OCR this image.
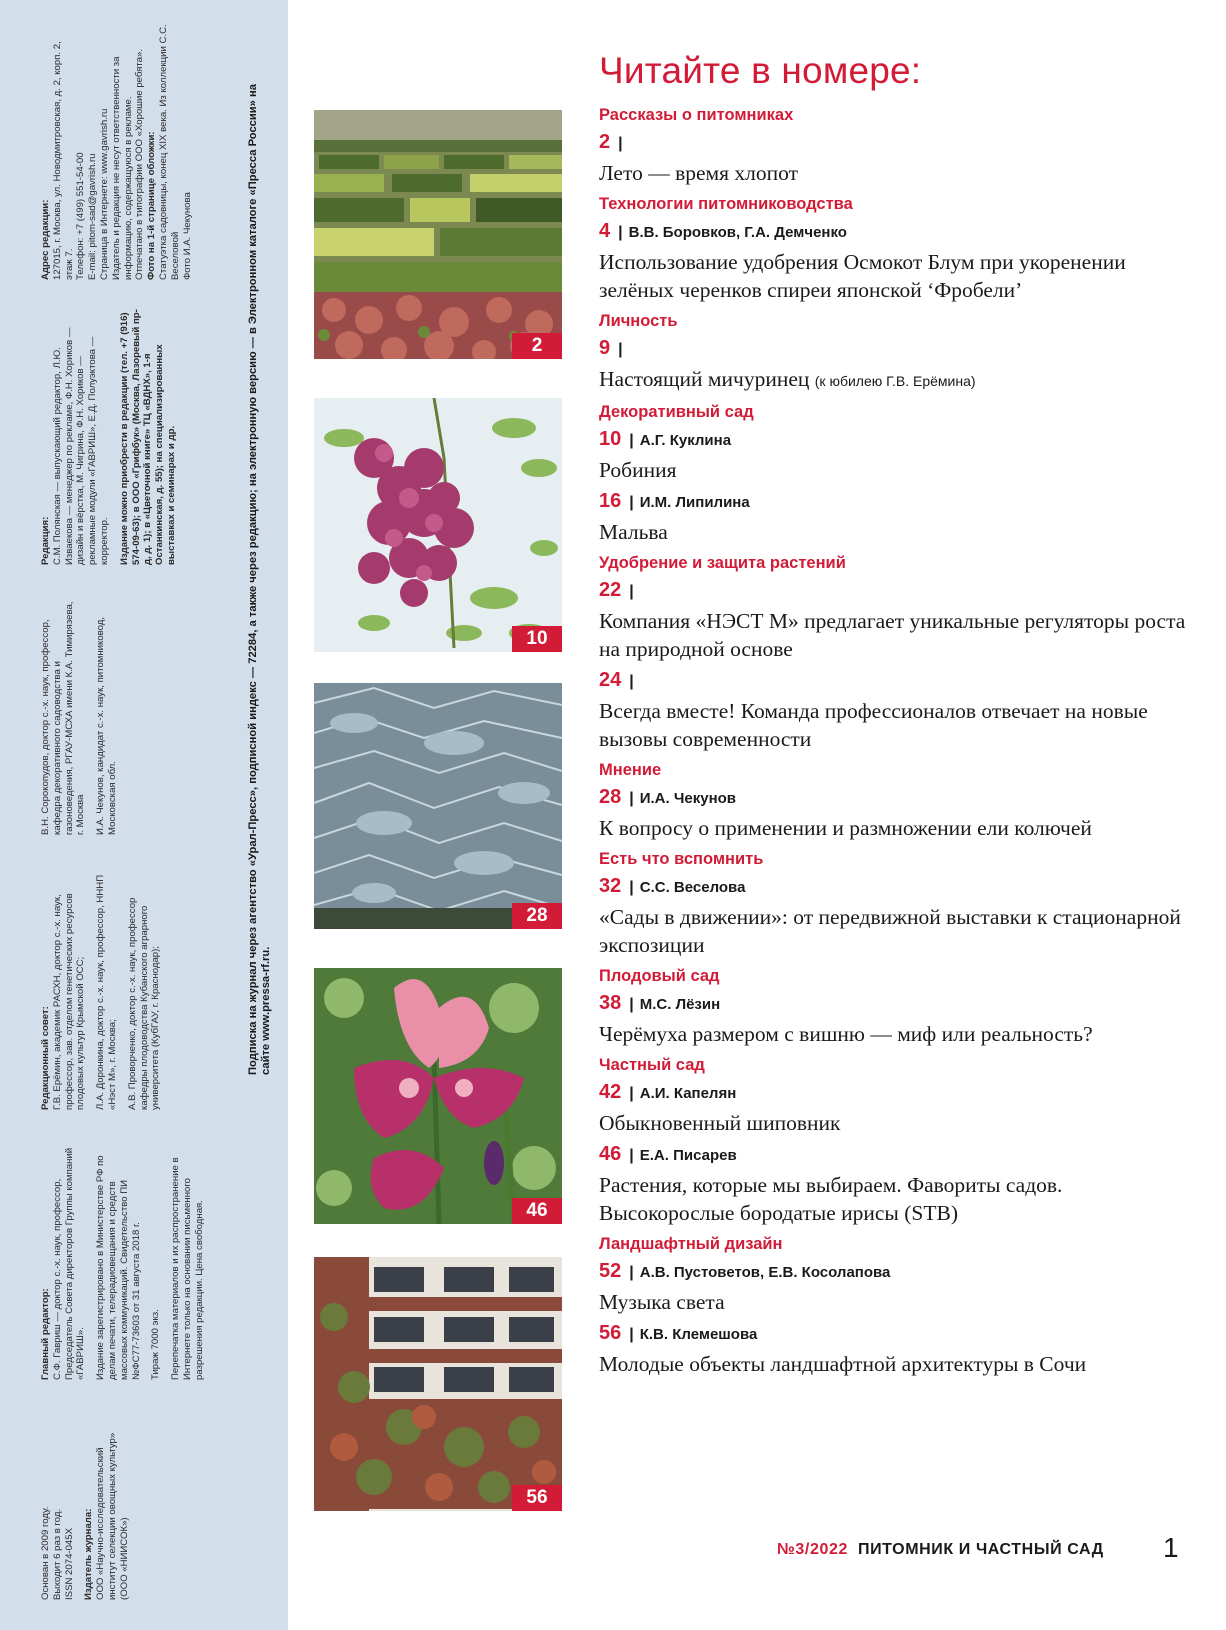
Основан в 2009 году. Выходит 6 раз в год. ISSN 2074-045X Издатель журнала:
ООО «Научно-исследовательский институт селекции овощных культур» (ООО «НИИСОК»)

Главный редактор:
С.Ф. Гавриш — доктор с.-х. наук, профессор, Председатель Совета директоров Группы компаний «ГАВРИШ». Издание зарегистрировано в Министерстве РФ по делам печати, телерадиовещания и средств массовых коммуникаций. Свидетельство ПИ №ФС77-73603 от 31 августа 2018 г. Тираж 7000 экз. Перепечатка материалов и их распространение в Интернете только на основании письменного разрешения редакции. Цена свободная.

Редакционный совет:
Г.В. Ерёмин, академик РАСХН, доктор с.-х. наук, профессор, зав. отделом генетических ресурсов плодовых культур Крымской ОСС; Л.А. Доронкина, доктор с.-х. наук, профессор, НННП «Нэст М», г. Москва; А.В. Проворченко, доктор с.-х. наук, профессор кафедры плодоводства Кубанского аграрного университета (КубГАУ, г. Краснодар);

В.Н. Сорокопудов, доктор с.-х. наук, профессор, кафедра декоративного садоводства и газоноведения, РГАУ-МСХА имени К.А. Тимирязева, г. Москва И.А. Чекунов, кандидат с.-х. наук, питомниковод, Московская обл.

Редакция:
С.М. Полянская — выпускающий редактор, Л.Ю. Изваекова — менеджер по рекламе, Ф.Н. Хориков — дизайн и вёрстка, М. Чигрина, Ф.Н. Хориков — рекламные модули «ГАВРИШ», Е.Д. Полуэктова — корректор. Издание можно приобрести в редакции (тел. +7 (916) 574-09-63); в ООО «Грифбук» (Москва, Лазоревый пр-д, д. 1); в «Цветочной книге» ТЦ «ВДНХ», 1-я Останкинская, д. 55); на специализированных выставках и семинарах и др.

Адрес редакции:
127015, г. Москва, ул. Новодмитровская, д. 2, корп. 2, этаж 7.
Телефон: +7 (499) 551-54-00
E-mail: pitom-sad@gavrish.ru
Страница в Интернете: www.gavrish.ru
Издатель и редакция не несут ответственности за информацию, содержащуюся в рекламе.
Отпечатано в типографии ООО «Хорошие ребята».
Фото на 1-й странице обложки:
Статуэтка садовницы, конец XIX века. Из коллекции С.С. Веселовой
Фото И.А. Чекунова	Подписка на журнал через агентство «Урал-Пресс», подписной индекс — 72284, а также через редакцию; на электронную версию — в Электронном каталоге «Пресса России» на сайте www.pressa-rf.ru.
2
10
28
46
56
Читайте в номере:
Рассказы о питомниках
2 |
Лето — время хлопот
Технологии питомниководства
4 | В.В. Боровков, Г.А. Демченко
Использование удобрения Осмокот Блум при укоренении зелёных черенков спиреи японской ‘Фробели’
Личность
9 |
Настоящий мичуринец (к юбилею Г.В. Ерёмина)
Декоративный сад
10 | А.Г. Куклина
Робиния
16 | И.М. Липилина
Мальва
Удобрение и защита растений
22 |
Компания «НЭСТ М» предлагает уникальные регуляторы роста на природной основе
24 |
Всегда вместе! Команда профессионалов отвечает на новые вызовы современности
Мнение
28 | И.А. Чекунов
К вопросу о применении и размножении ели колючей
Есть что вспомнить
32 | С.С. Веселова
«Сады в движении»: от передвижной выставки к стационарной экспозиции
Плодовый сад
38 | М.С. Лёзин
Черёмуха размером с вишню — миф или реальность?
Частный сад
42 | А.И. Капелян
Обыкновенный шиповник
46 | Е.А. Писарев
Растения, которые мы выбираем. Фавориты садов. Высокорослые бородатые ирисы (STB)
Ландшафтный дизайн
52 | А.В. Пустоветов, Е.В. Косолапова
Музыка света
56 | К.В. Клемешова
Молодые объекты ландшафтной архитектуры в Сочи
№3/2022 ПИТОМНИК И ЧАСТНЫЙ САД 1
